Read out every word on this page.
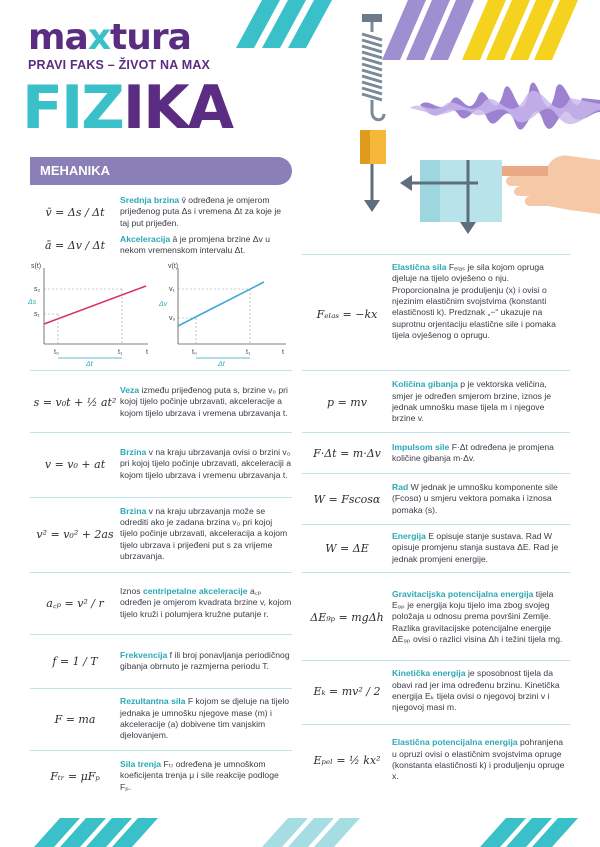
maxtura
PRAVI FAKS – ŽIVOT NA MAX
FIZIKA
MEHANIKA
v̄ = Δs / Δt
Srednja brzina v̄ određena je omjerom prijeđenog puta Δs i vremena Δt za koje je taj put prijeđen.
ā = Δv / Δt	Akceleracija ā je promjena brzine Δv u nekom vremenskom intervalu Δt.
s(t)
s₂
s₁
Δs
t₀	t₁	t
Δt
v(t)
v₁
v₀
Δv
t₀	t₁	t
Δt
s = v₀t + ½ at²
Veza između prijeđenog puta s, brzine v₀ pri kojoj tijelo počinje ubrzavati, akceleracije a kojom tijelo ubrzava i vremena ubrzavanja t.
v = v₀ + at
Brzina v na kraju ubrzavanja ovisi o brzini v₀ pri kojoj tijelo počinje ubrzavati, akceleraciji a kojom tijelo ubrzava i vremenu ubrzavanja t.
v² = v₀² + 2as
Brzina v na kraju ubrzavanja može se odrediti ako je zadana brzina v₀ pri kojoj tijelo počinje ubrzavati, akceleracija a kojom tijelo ubrzava i prijeđeni put s za vrijeme ubrzavanja.
a꜀ₚ = v² / r
Iznos centripetalne akceleracije a꜀ₚ određen je omjerom kvadrata brzine v, kojom tijelo kruži i polumjera kružne putanje r.
f = 1 / T	Frekvencija f ili broj ponavljanja periodičnog gibanja obrnuto je razmjerna periodu T.
F = ma
Rezultantna sila F kojom se djeluje na tijelo jednaka je umnošku njegove mase (m) i akceleracije (a) dobivene tim vanjskim djelovanjem.
Fₜᵣ = μFₚ
Sila trenja Fₜᵣ određena je umnoškom koeficijenta trenja μ i sile reakcije podloge Fₚ.
Fₑₗₐₛ = −kx
Elastična sila Fₑₗₐₛ je sila kojom opruga djeluje na tijelo ovješeno o nju. Proporcionalna je produljenju (x) i ovisi o njezinim elastičnim svojstvima (konstanti elastičnosti k). Predznak „−“ ukazuje na suprotnu orjentaciju elastične sile i pomaka tijela ovješenog o oprugu.
p = mv
Količina gibanja p je vektorska veličina, smjer je određen smjerom brzine, iznos je jednak umnošku mase tijela m i njegove brzine v.
F·Δt = m·Δv	Impulsom sile F·Δt određena je promjena količine gibanja m·Δv.
W = Fscosα
Rad W jednak je umnošku komponente sile (Fcosα) u smjeru vektora pomaka i iznosa pomaka (s).
W = ΔE
Energija E opisuje stanje sustava. Rad W opisuje promjenu stanja sustava ΔE. Rad je jednak promjeni energije.
ΔE₉ₚ = mgΔh
Gravitacijska potencijalna energija tijela E₉ₚ je energija koju tijelo ima zbog svojeg položaja u odnosu prema površini Zemlje. Razlika gravitacijske potencijalne energije ΔE₉ₚ ovisi o razlici visina Δh i težini tijela mg.
Eₖ = mv² / 2
Kinetička energija je sposobnost tijela da obavi rad jer ima određenu brzinu. Kinetička energija Eₖ tijela ovisi o njegovoj brzini v i njegovoj masi m.
Eₚₑₗ = ½ kx²
Elastična potencijalna energija pohranjena u opruzi ovisi o elastičnim svojstvima opruge (konstanta elastičnosti k) i produljenju opruge x.
